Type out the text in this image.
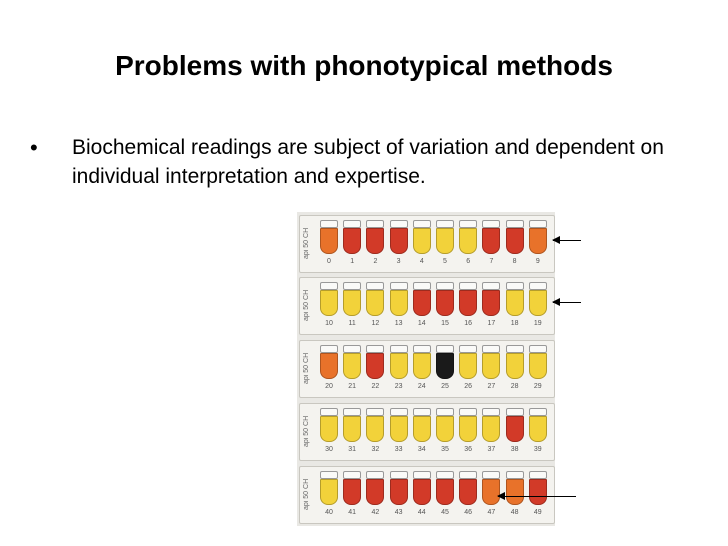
Problems with phonotypical methods
• Biochemical readings are subject of variation and dependent on individual interpretation and expertise.
api 50 CH
0	1	2	3	4	5	6	7	8	9
api 50 CH
10	11	12	13	14	15	16	17	18	19
api 50 CH
20	21	22	23	24	25	26	27	28	29
api 50 CH
30	31	32	33	34	35	36	37	38	39
api 50 CH
40	41	42	43	44	45	46	47	48	49
